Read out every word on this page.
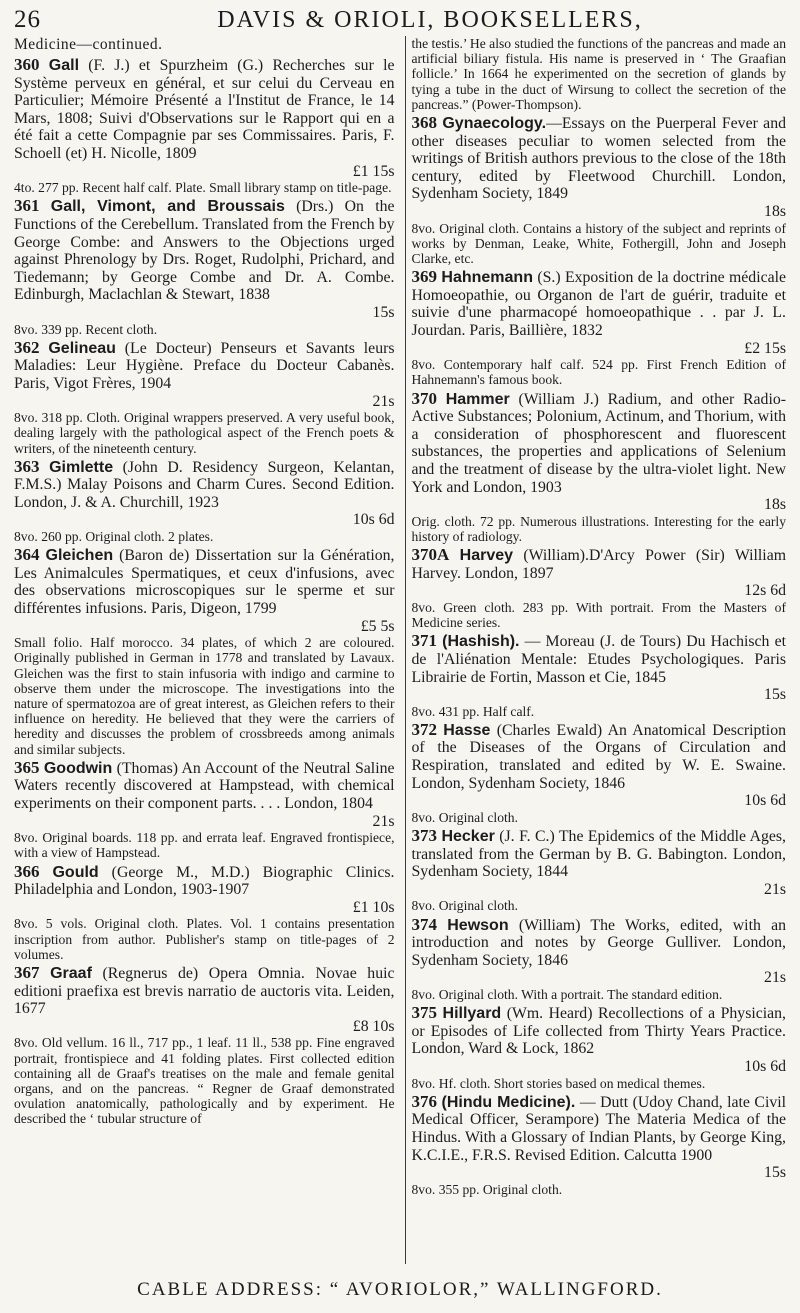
26	DAVIS & ORIOLI, BOOKSELLERS,
Medicine—continued.
360 Gall (F. J.) et Spurzheim (G.) Recherches sur le Système perveux en général, et sur celui du Cerveau en Particulier; Mémoire Présenté a l'Institut de France, le 14 Mars, 1808; Suivi d'Observations sur le Rapport qui en a été fait a cette Compagnie par ses Commissaires. Paris, F. Schoell (et) H. Nicolle, 1809
£1 15s
4to. 277 pp. Recent half calf. Plate. Small library stamp on title-page.
361 Gall, Vimont, and Broussais (Drs.) On the Functions of the Cerebellum. Translated from the French by George Combe: and Answers to the Objections urged against Phrenology by Drs. Roget, Rudolphi, Prichard, and Tiedemann; by George Combe and Dr. A. Combe. Edinburgh, Maclachlan & Stewart, 1838
15s
8vo. 339 pp. Recent cloth.
362 Gelineau (Le Docteur) Penseurs et Savants leurs Maladies: Leur Hygiène. Preface du Docteur Cabanès. Paris, Vigot Frères, 1904
21s
8vo. 318 pp. Cloth. Original wrappers preserved. A very useful book, dealing largely with the pathological aspect of the French poets & writers, of the nineteenth century.
363 Gimlette (John D. Residency Surgeon, Kelantan, F.M.S.) Malay Poisons and Charm Cures. Second Edition. London, J. & A. Churchill, 1923
10s 6d
8vo. 260 pp. Original cloth. 2 plates.
364 Gleichen (Baron de) Dissertation sur la Génération, Les Animalcules Spermatiques, et ceux d'infusions, avec des observations microscopiques sur le sperme et sur différentes infusions. Paris, Digeon, 1799
£5 5s
Small folio. Half morocco. 34 plates, of which 2 are coloured. Originally published in German in 1778 and translated by Lavaux. Gleichen was the first to stain infusoria with indigo and carmine to observe them under the microscope. The investigations into the nature of spermatozoa are of great interest, as Gleichen refers to their influence on heredity. He believed that they were the carriers of heredity and discusses the problem of crossbreeds among animals and similar subjects.
365 Goodwin (Thomas) An Account of the Neutral Saline Waters recently discovered at Hampstead, with chemical experiments on their component parts. . . . London, 1804
21s
8vo. Original boards. 118 pp. and errata leaf. Engraved frontispiece, with a view of Hampstead.
366 Gould (George M., M.D.) Biographic Clinics. Philadelphia and London, 1903-1907
£1 10s
8vo. 5 vols. Original cloth. Plates. Vol. 1 contains presentation inscription from author. Publisher's stamp on title-pages of 2 volumes.
367 Graaf (Regnerus de) Opera Omnia. Novae huic editioni praefixa est brevis narratio de auctoris vita. Leiden, 1677
£8 10s
8vo. Old vellum. 16 ll., 717 pp., 1 leaf. 11 ll., 538 pp. Fine engraved portrait, frontispiece and 41 folding plates. First collected edition containing all de Graaf's treatises on the male and female genital organs, and on the pancreas. “ Regner de Graaf demonstrated ovulation anatomically, pathologically and by experiment. He described the ‘ tubular structure of
the testis.’ He also studied the functions of the pancreas and made an artificial biliary fistula. His name is preserved in ‘ The Graafian follicle.’ In 1664 he experimented on the secretion of glands by tying a tube in the duct of Wirsung to collect the secretion of the pancreas.” (Power-Thompson).
368 Gynaecology.—Essays on the Puerperal Fever and other diseases peculiar to women selected from the writings of British authors previous to the close of the 18th century, edited by Fleetwood Churchill. London, Sydenham Society, 1849
18s
8vo. Original cloth. Contains a history of the subject and reprints of works by Denman, Leake, White, Fothergill, John and Joseph Clarke, etc.
369 Hahnemann (S.) Exposition de la doctrine médicale Homoeopathie, ou Organon de l'art de guérir, traduite et suivie d'une pharmacopé homoeopathique . . par J. L. Jourdan. Paris, Baillière, 1832
£2 15s
8vo. Contemporary half calf. 524 pp. First French Edition of Hahnemann's famous book.
370 Hammer (William J.) Radium, and other Radio-Active Substances; Polonium, Actinum, and Thorium, with a consideration of phosphorescent and fluorescent substances, the properties and applications of Selenium and the treatment of disease by the ultra-violet light. New York and London, 1903
18s
Orig. cloth. 72 pp. Numerous illustrations. Interesting for the early history of radiology.
370A Harvey (William).D'Arcy Power (Sir) William Harvey. London, 1897
12s 6d
8vo. Green cloth. 283 pp. With portrait. From the Masters of Medicine series.
371 (Hashish). — Moreau (J. de Tours) Du Hachisch et de l'Aliénation Mentale: Etudes Psychologiques. Paris Librairie de Fortin, Masson et Cie, 1845
15s
8vo. 431 pp. Half calf.
372 Hasse (Charles Ewald) An Anatomical Description of the Diseases of the Organs of Circulation and Respiration, translated and edited by W. E. Swaine. London, Sydenham Society, 1846
10s 6d
8vo. Original cloth.
373 Hecker (J. F. C.) The Epidemics of the Middle Ages, translated from the German by B. G. Babington. London, Sydenham Society, 1844
21s
8vo. Original cloth.
374 Hewson (William) The Works, edited, with an introduction and notes by George Gulliver. London, Sydenham Society, 1846
21s
8vo. Original cloth. With a portrait. The standard edition.
375 Hillyard (Wm. Heard) Recollections of a Physician, or Episodes of Life collected from Thirty Years Practice. London, Ward & Lock, 1862
10s 6d
8vo. Hf. cloth. Short stories based on medical themes.
376 (Hindu Medicine). — Dutt (Udoy Chand, late Civil Medical Officer, Serampore) The Materia Medica of the Hindus. With a Glossary of Indian Plants, by George King, K.C.I.E., F.R.S. Revised Edition. Calcutta 1900
15s
8vo. 355 pp. Original cloth.
CABLE ADDRESS: “ AVORIOLOR,” WALLINGFORD.
